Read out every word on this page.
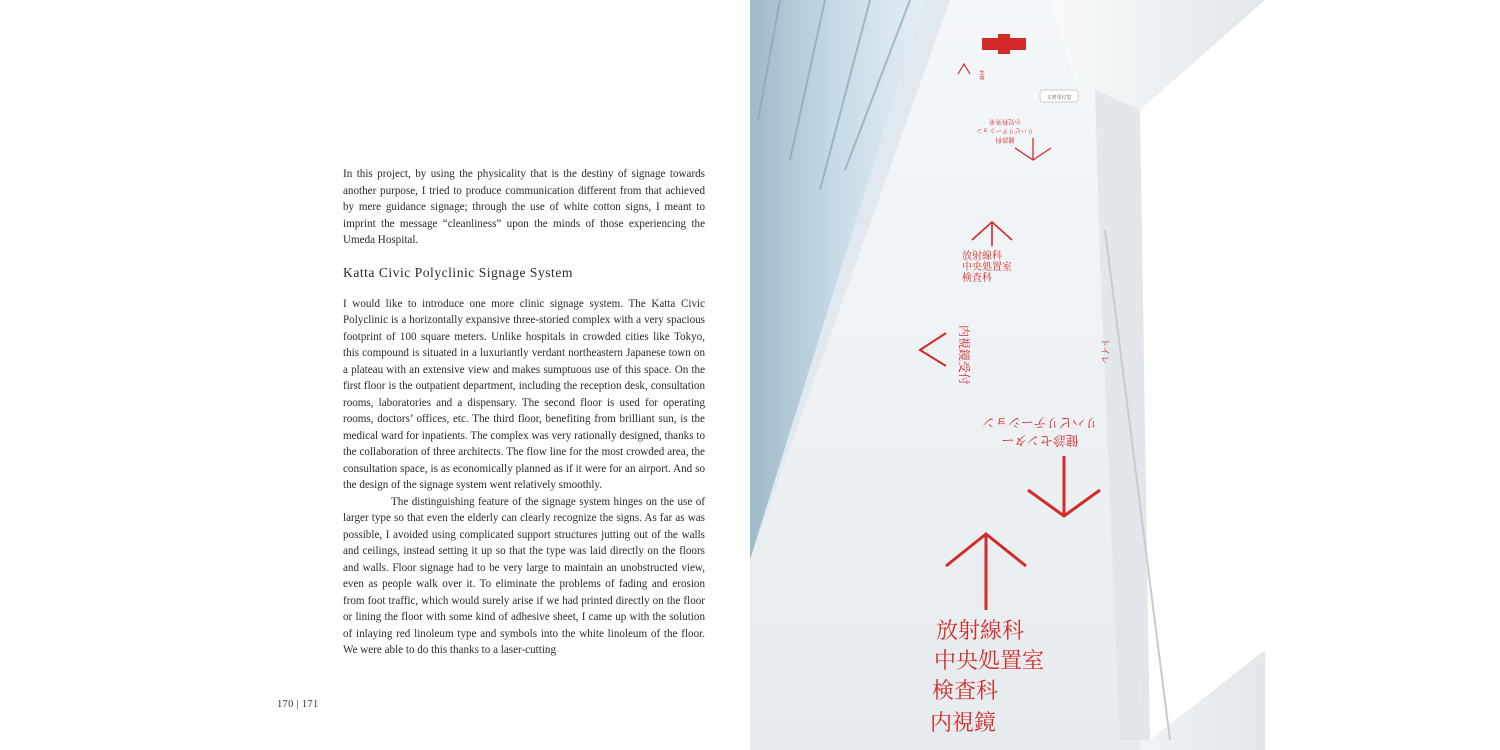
In this project, by using the physicality that is the destiny of signage towards another purpose, I tried to produce communication different from that achieved by mere guidance signage; through the use of white cotton signs, I meant to imprint the message “cleanliness” upon the minds of those experiencing the Umeda Hospital.

Katta Civic Polyclinic Signage System

I would like to introduce one more clinic signage system. The Katta Civic Polyclinic is a horizontally expansive three-storied complex with a very spacious footprint of 100 square meters. Unlike hospitals in crowded cities like Tokyo, this compound is situated in a luxuriantly verdant northeastern Japanese town on a plateau with an extensive view and makes sumptuous use of this space. On the first floor is the outpatient department, including the reception desk, consultation rooms, laboratories and a dispensary. The second floor is used for operating rooms, doctors’ offices, etc. The third floor, benefiting from brilliant sun, is the medical ward for inpatients. The complex was very rationally designed, thanks to the collaboration of three architects. The flow line for the most crowded area, the consultation space, is as economically planned as if it were for an airport. And so the design of the signage system went relatively smoothly.

The distinguishing feature of the signage system hinges on the use of larger type so that even the elderly can clearly recognize the signs. As far as was possible, I avoided using complicated support structures jutting out of the walls and ceilings, instead setting it up so that the type was laid directly on the floors and walls. Floor signage had to be very large to maintain an unobstructed view, even as people walk over it. To eliminate the problems of fading and erosion from foot traffic, which would surely arise if we had printed directly on the floor or lining the floor with some kind of adhesive sheet, I came up with the solution of inlaying red linoleum type and symbols into the white linoleum of the floor. We were able to do this thanks to a laser-cutting

170 | 171
文書受付窓
病棟
健診科
リハビリテーション
小児科外来
放射線科
中央処置室
検査科
内視鏡受付	トイレ
健診センター
リハビリテーション
放射線科
中央処置室
検査科
内視鏡
